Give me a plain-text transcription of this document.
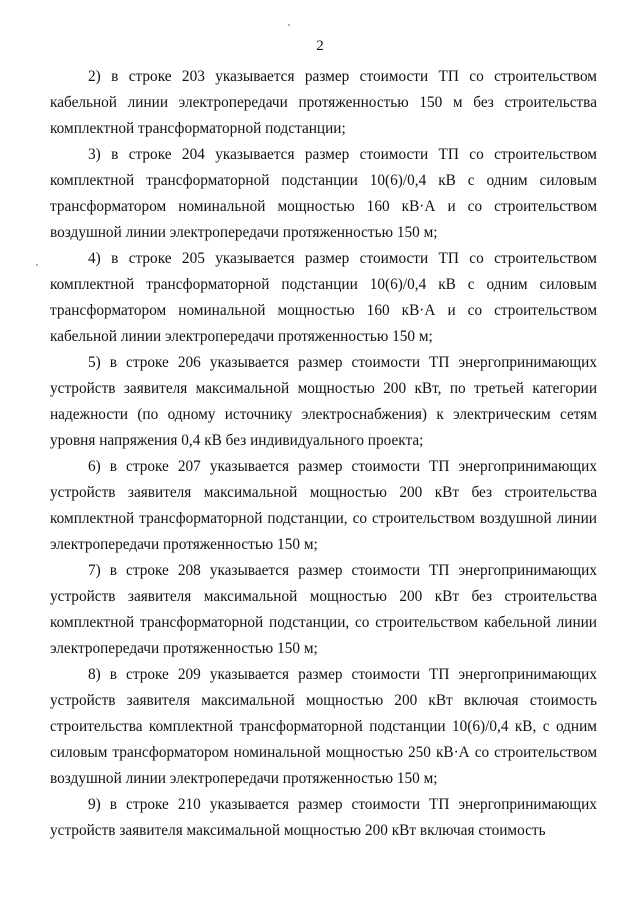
2

2) в строке 203 указывается размер стоимости ТП со строительством кабельной линии электропередачи протяженностью 150 м без строительства комплектной трансформаторной подстанции;

3) в строке 204 указывается размер стоимости ТП со строительством комплектной трансформаторной подстанции 10(6)/0,4 кВ с одним силовым трансформатором номинальной мощностью 160 кВ·А и со строительством воздушной линии электропередачи протяженностью 150 м;

4) в строке 205 указывается размер стоимости ТП со строительством комплектной трансформаторной подстанции 10(6)/0,4 кВ с одним силовым трансформатором номинальной мощностью 160 кВ·А и со строительством кабельной линии электропередачи протяженностью 150 м;

5) в строке 206 указывается размер стоимости ТП энергопринимающих устройств заявителя максимальной мощностью 200 кВт, по третьей категории надежности (по одному источнику электроснабжения) к электрическим сетям уровня напряжения 0,4 кВ без индивидуального проекта;

6) в строке 207 указывается размер стоимости ТП энергопринимающих устройств заявителя максимальной мощностью 200 кВт без строительства комплектной трансформаторной подстанции, со строительством воздушной линии электропередачи протяженностью 150 м;

7) в строке 208 указывается размер стоимости ТП энергопринимающих устройств заявителя максимальной мощностью 200 кВт без строительства комплектной трансформаторной подстанции, со строительством кабельной линии электропередачи протяженностью 150 м;

8) в строке 209 указывается размер стоимости ТП энергопринимающих устройств заявителя максимальной мощностью 200 кВт включая стоимость строительства комплектной трансформаторной подстанции 10(6)/0,4 кВ, с одним силовым трансформатором номинальной мощностью 250 кВ·А со строительством воздушной линии электропередачи протяженностью 150 м;

9) в строке 210 указывается размер стоимости ТП энергопринимающих устройств заявителя максимальной мощностью 200 кВт включая стоимость
